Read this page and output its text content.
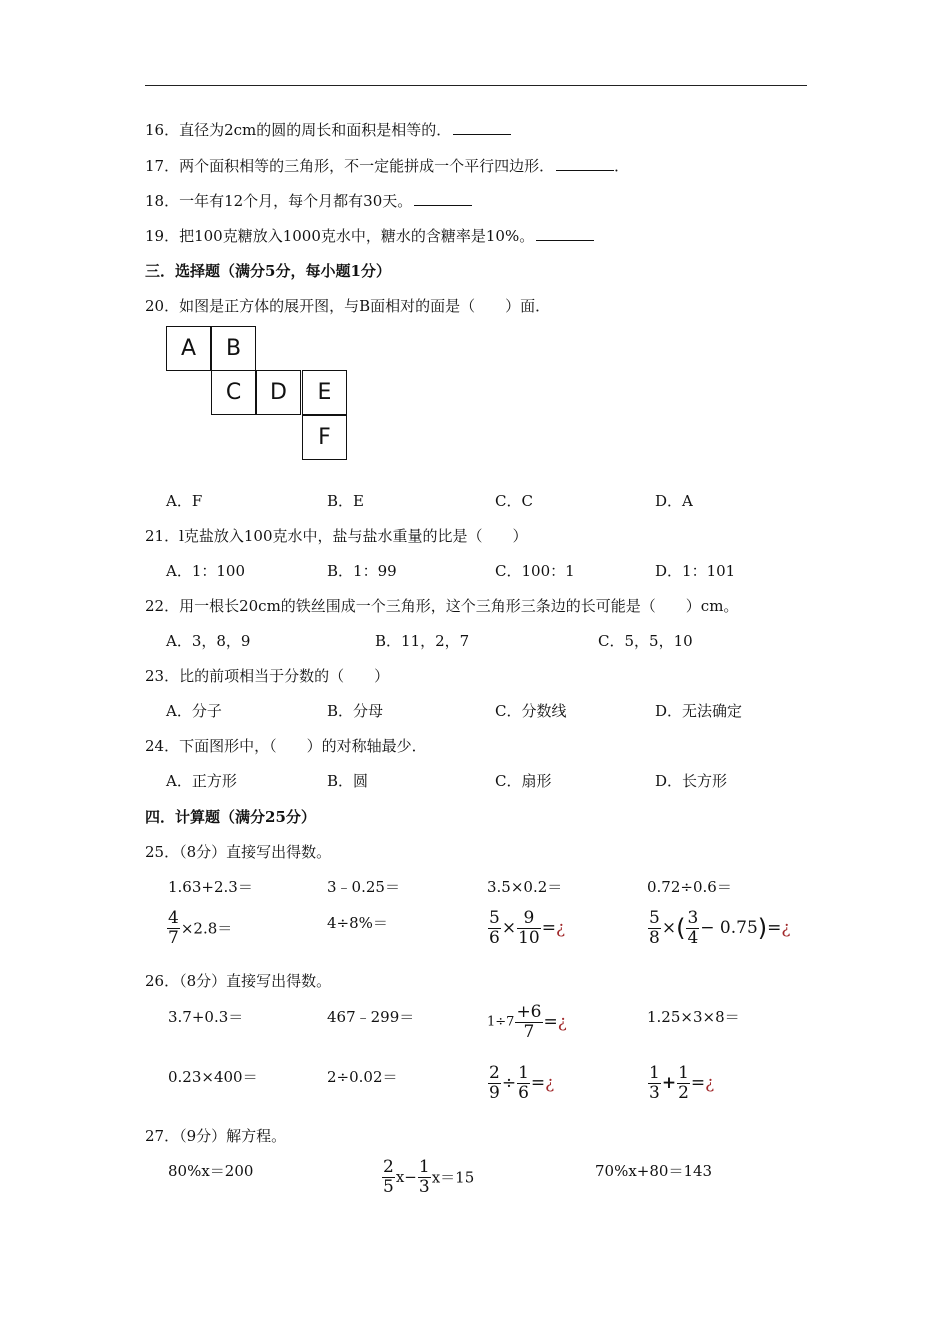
16．直径为2cm的圆的周长和面积是相等的．
17．两个面积相等的三角形，不一定能拼成一个平行四边形．	．
18．一年有12个月，每个月都有30天。
19．把100克糖放入1000克水中，糖水的含糖率是10%。
三．选择题（满分5分，每小题1分）
20．如图是正方体的展开图，与B面相对的面是（　　）面．
A	B
C	D	E
F
A．F	B．E	C．C	D．A
21．l克盐放入100克水中，盐与盐水重量的比是（　　）
A．1：100	B．1：99	C．100：1	D．1：101
22．用一根长20cm的铁丝围成一个三角形，这个三角形三条边的长可能是（　　）cm。
A．3，8，9	B．11，2，7	C．5，5，10
23．比的前项相当于分数的（　　）
A．分子	B．分母	C．分数线	D．无法确定
24．下面图形中，（　　）的对称轴最少．
A．正方形	B．圆	C．扇形	D．长方形
四．计算题（满分25分）
25．（8分）直接写出得数。
1.63+2.3＝	3﹣0.25＝	3.5×0.2＝	0.72÷0.6＝
$\frac{4}{7} \times 2.8=$	4÷8%＝	$\frac{5}{6} \times \frac{9}{10}$ =¿	$\frac{5}{8}$ ×( $\frac{3}{4}$ − 0.75)=¿
26．（8分）直接写出得数。
3.7+0.3＝	467﹣299＝	$1\div 7 \frac{+6}{7}$ =¿	1.25×3×8＝
0.23×400＝	2÷0.02＝	$\frac{2}{9} \div \frac{1}{6}$ =¿	$\frac{1}{3} + \frac{1}{2}$ =¿
27．（9分）解方程。
80%x＝200	$\frac{2}{5} x- \frac{1}{3} x=15$	70%x+80＝143
